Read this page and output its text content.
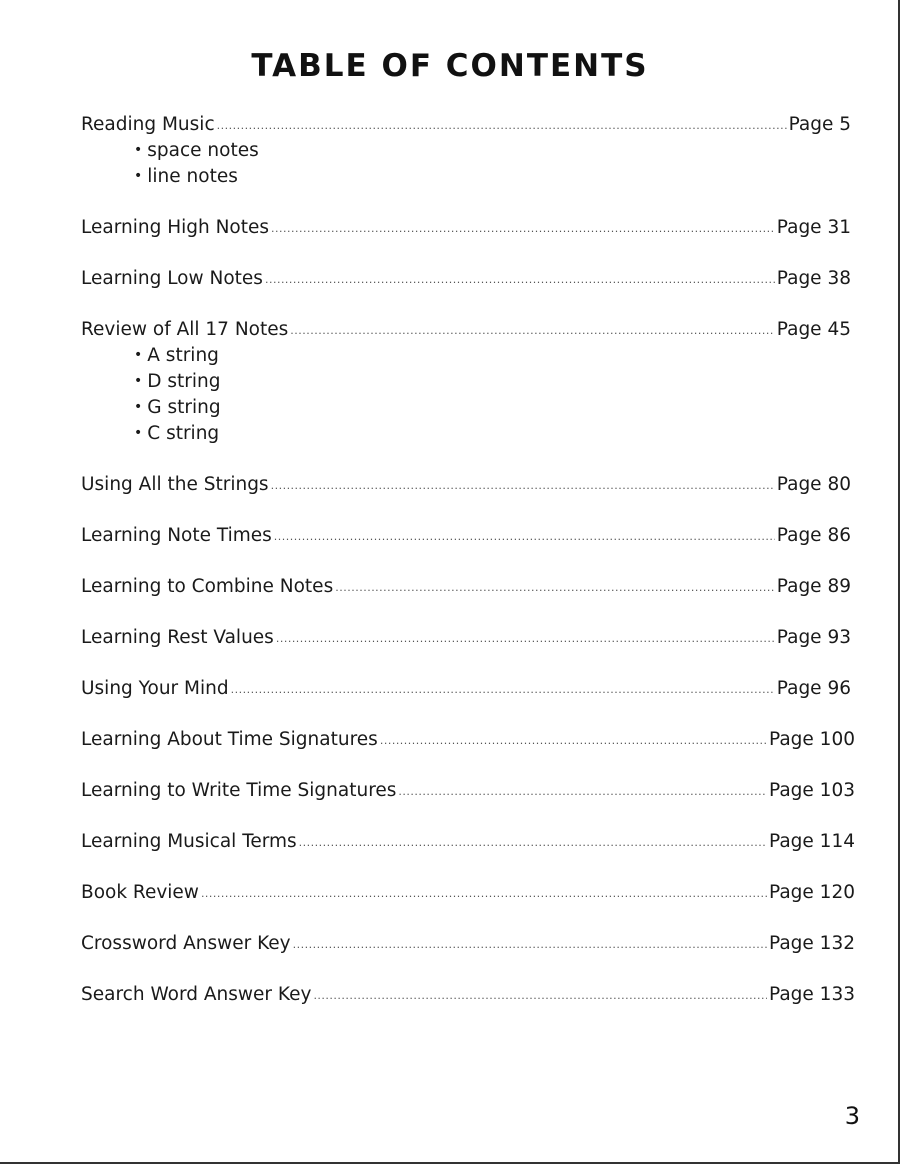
TABLE OF CONTENTS
Reading Music .....	Page 5
• space notes
• line notes
Learning High Notes .....	Page 31
Learning Low Notes .....	Page 38
Review of All 17 Notes .....	Page 45
• A string
• D string
• G string
• C string
Using All the Strings .....	Page 80
Learning Note Times .....	Page 86
Learning to Combine Notes .....	Page 89
Learning Rest Values .....	Page 93
Using Your Mind .....	Page 96
Learning About Time Signatures .....	Page 100
Learning to Write Time Signatures .....	Page 103
Learning Musical Terms .....	Page 114
Book Review .....	Page 120
Crossword Answer Key .....	Page 132
Search Word Answer Key .....	Page 133
3
